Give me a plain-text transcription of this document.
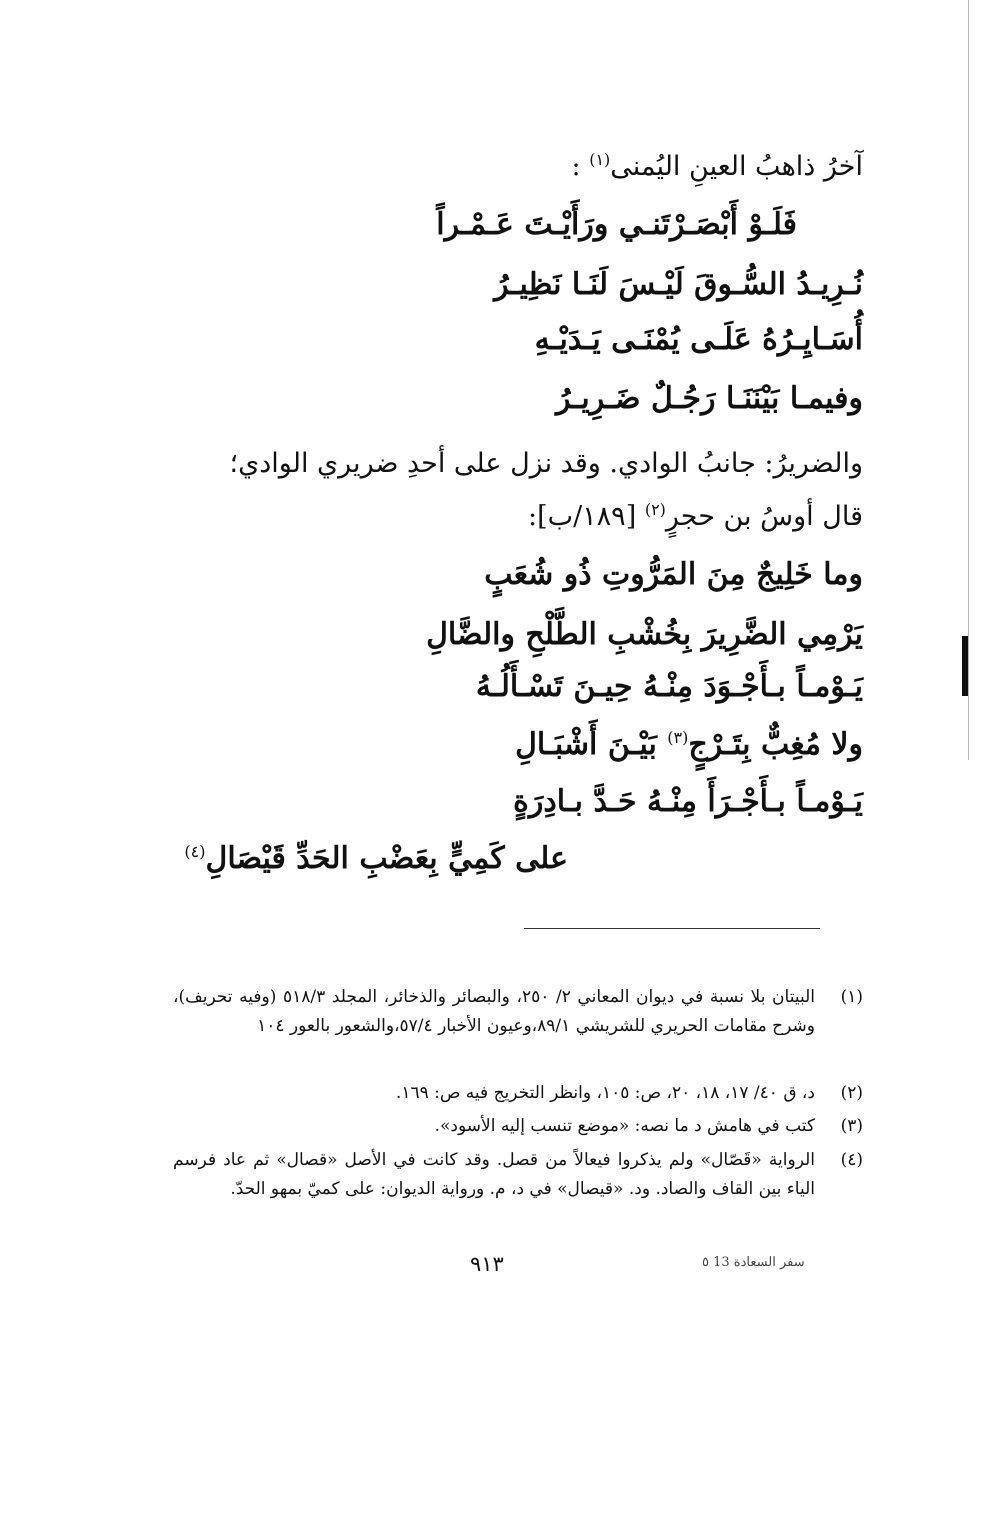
آخرُ ذاهبُ العينِ اليُمنى$^{(١)}$ :
فَلَـوْ أَبْصَـرْتَنـي ورَأَيْـتَ عَـمْـراً
نُـرِيـدُ السُّـوقَ لَيْـسَ لَنَـا نَظِيـرُ
أُسَـايِـرُهُ عَلَـى يُمْنَـى يَـدَيْـهِ
وفيمـا بَيْنَنَـا رَجُـلٌ ضَـرِيـرُ
والضريرُ: جانبُ الوادي. وقد نزل على أحدِ ضريري الوادي؛
قال أوسُ بن حجرٍ$^{(٢)}$ [١٨٩/ب]:
وما خَلِيجٌ مِنَ المَرُّوتِ ذُو شُعَبٍ
يَرْمِي الضَّرِيرَ بِخُشْبِ الطَّلْحِ والضَّالِ
يَـوْمـاً بـأَجْـوَدَ مِنْـهُ حِيـنَ تَسْـأَلُـهُ
ولا مُغِبٌّ بِتَـرْجٍ$^{(٣)}$ بَيْـنَ أَشْبَـالِ
يَـوْمـاً بـأَجْـرَأَ مِنْـهُ حَـدَّ بـادِرَةٍ
على كَمِيٍّ بِعَضْبِ الحَدِّ قَيْصَالِ$^{(٤)}$
(١)
البيتان بلا نسبة في ديوان المعاني ٢/ ٢٥٠، والبصائر والذخائر، المجلد ٥١٨/٣ (وفيه تحريف)، وشرح مقامات الحريري للشريشي ٨٩/١،وعيون الأخبار ٥٧/٤،والشعور بالعور ١٠٤
(٢)
د، ق ٤٠/ ١٧، ١٨، ٢٠، ص: ١٠٥، وانظر التخريج فيه ص: ١٦٩.
(٣)
كتب في هامش د ما نصه: «موضع تنسب إليه الأسود».
(٤)
الرواية «قَصّال» ولم يذكروا فيعالاً من قصل. وقد كانت في الأصل «قصال» ثم عاد فرسم الياء بين القاف والصاد. ود. «قيصال» في د، م. ورواية الديوان: على كميّ بمهو الحدّ.
٩١٣	سفر السعادة 13 ٥
